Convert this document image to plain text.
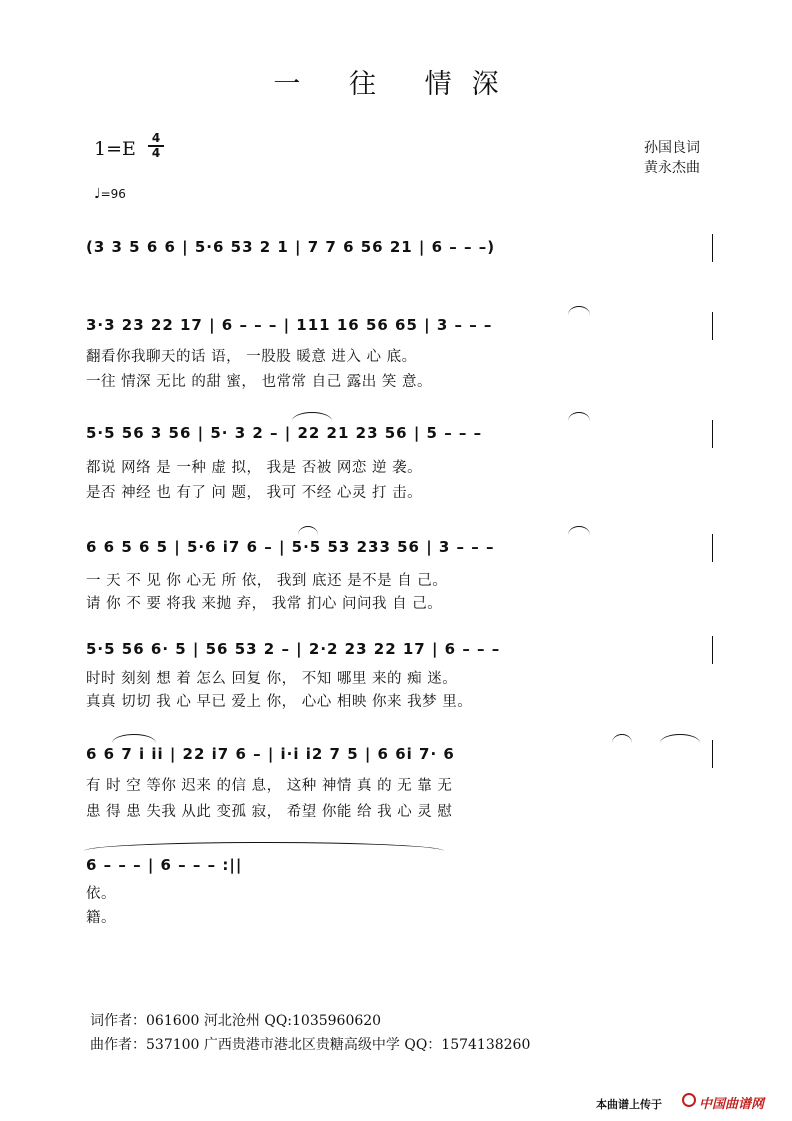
一 往 情深
1=E	4
4	孙国良词
黄永杰曲
♩=96
(3 3 5 6 6 | 5·6 53 2 1 | 7 7 6 56 21 | 6 – – –)
3·3 23 22 17 | 6 – – – | 111 16 56 65 | 3 – – –
翻看你我聊天的话 语， 一股股 暖意 进入 心 底。
一往 情深 无比 的甜 蜜， 也常常 自己 露出 笑 意。
5·5 56 3 56 | 5· 3 2 – | 22 21 23 56 | 5 – – –
都说 网络 是 一种 虚 拟， 我是 否被 网恋 逆 袭。
是否 神经 也 有了 问 题， 我可 不经 心灵 打 击。
6 6 5 6 5 | 5·6 i7 6 – | 5·5 53 233 56 | 3 – – –
一 天 不 见 你 心无 所 依， 我到 底还 是不是 自 己。
请 你 不 要 将我 来抛 弃， 我常 扪心 问问我 自 己。
5·5 56 6· 5 | 56 53 2 – | 2·2 23 22 17 | 6 – – –
时时 刻刻 想 着 怎么 回复 你， 不知 哪里 来的 痴 迷。
真真 切切 我 心 早已 爱上 你， 心心 相映 你来 我梦 里。
6 6 7 i ii | 22 i7 6 – | i·i i2 7 5 | 6 6i 7· 6
有 时 空 等你 迟来 的信 息， 这种 神情 真 的 无 靠 无
患 得 患 失我 从此 变孤 寂， 希望 你能 给 我 心 灵 慰
6 – – – | 6 – – – :||
依。
籍。
词作者：061600 河北沧州 QQ:1035960620
曲作者：537100 广西贵港市港北区贵糖高级中学 QQ：1574138260
本曲谱上传于	中国曲谱网
